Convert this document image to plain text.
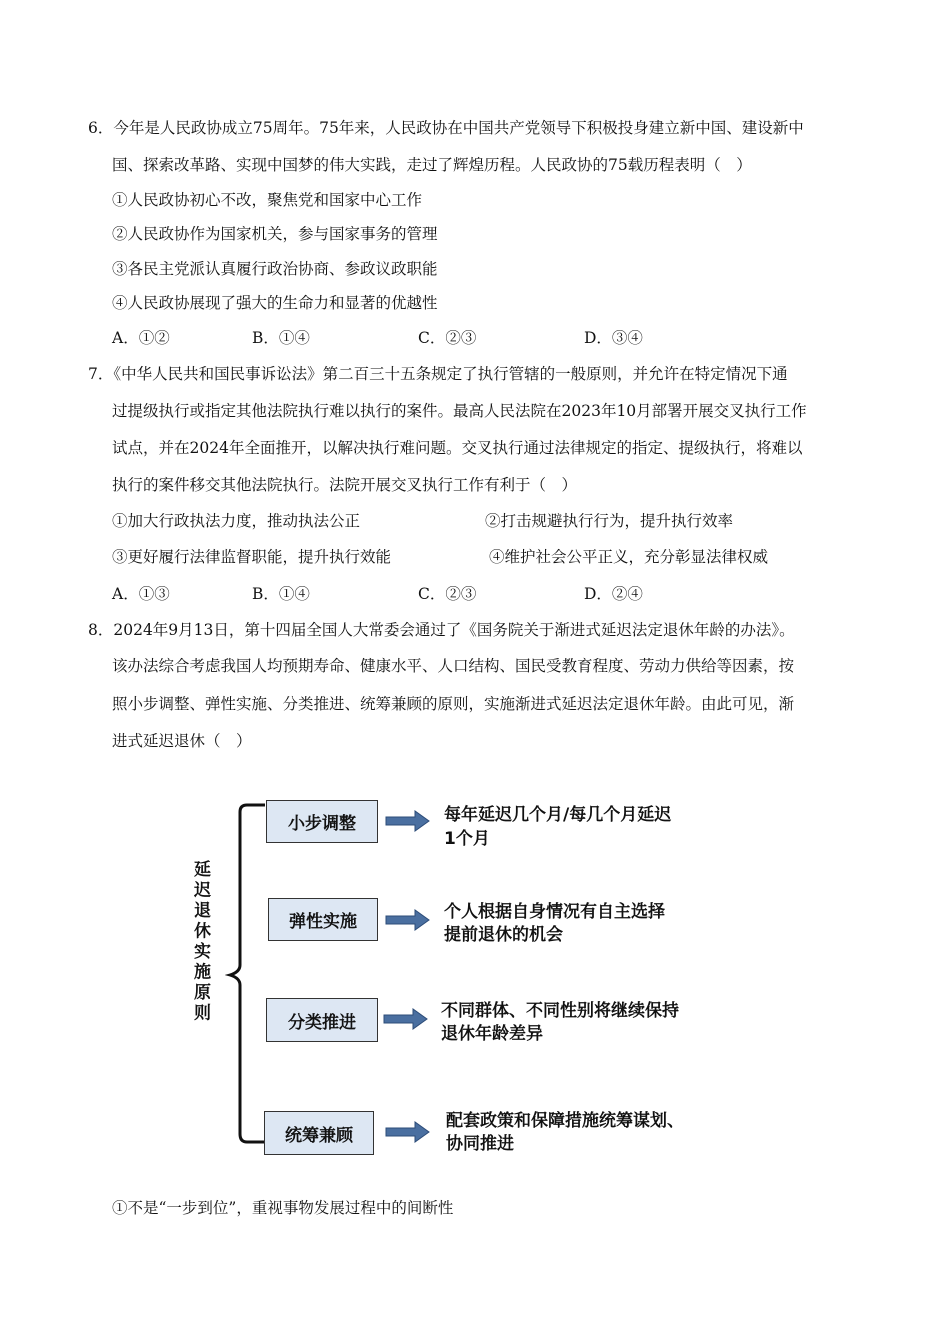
6．今年是人民政协成立75周年。75年来，人民政协在中国共产党领导下积极投身建立新中国、建设新中
国、探索改革路、实现中国梦的伟大实践，走过了辉煌历程。人民政协的75载历程表明（　）
①人民政协初心不改，聚焦党和国家中心工作
②人民政协作为国家机关，参与国家事务的管理
③各民主党派认真履行政治协商、参政议政职能
④人民政协展现了强大的生命力和显著的优越性
A．①②	B．①④	C．②③	D．③④
7．《中华人民共和国民事诉讼法》第二百三十五条规定了执行管辖的一般原则，并允许在特定情况下通
过提级执行或指定其他法院执行难以执行的案件。最高人民法院在2023年10月部署开展交叉执行工作
试点，并在2024年全面推开，以解决执行难问题。交叉执行通过法律规定的指定、提级执行，将难以
执行的案件移交其他法院执行。法院开展交叉执行工作有利于（　）
①加大行政执法力度，推动执法公正	②打击规避执行行为，提升执行效率
③更好履行法律监督职能，提升执行效能	④维护社会公平正义，充分彰显法律权威
A．①③	B．①④	C．②③	D．②④
8．2024年9月13日，第十四届全国人大常委会通过了《国务院关于渐进式延迟法定退休年龄的办法》。
该办法综合考虑我国人均预期寿命、健康水平、人口结构、国民受教育程度、劳动力供给等因素，按
照小步调整、弹性实施、分类推进、统筹兼顾的原则，实施渐进式延迟法定退休年龄。由此可见，渐
进式延迟退休（　）
延迟退休实施原则
小步调整
弹性实施
分类推进
统筹兼顾
每年延迟几个月/每几个月延迟
1个月
个人根据自身情况有自主选择
提前退休的机会
不同群体、不同性别将继续保持
退休年龄差异
配套政策和保障措施统筹谋划、
协同推进
①不是“一步到位”，重视事物发展过程中的间断性
